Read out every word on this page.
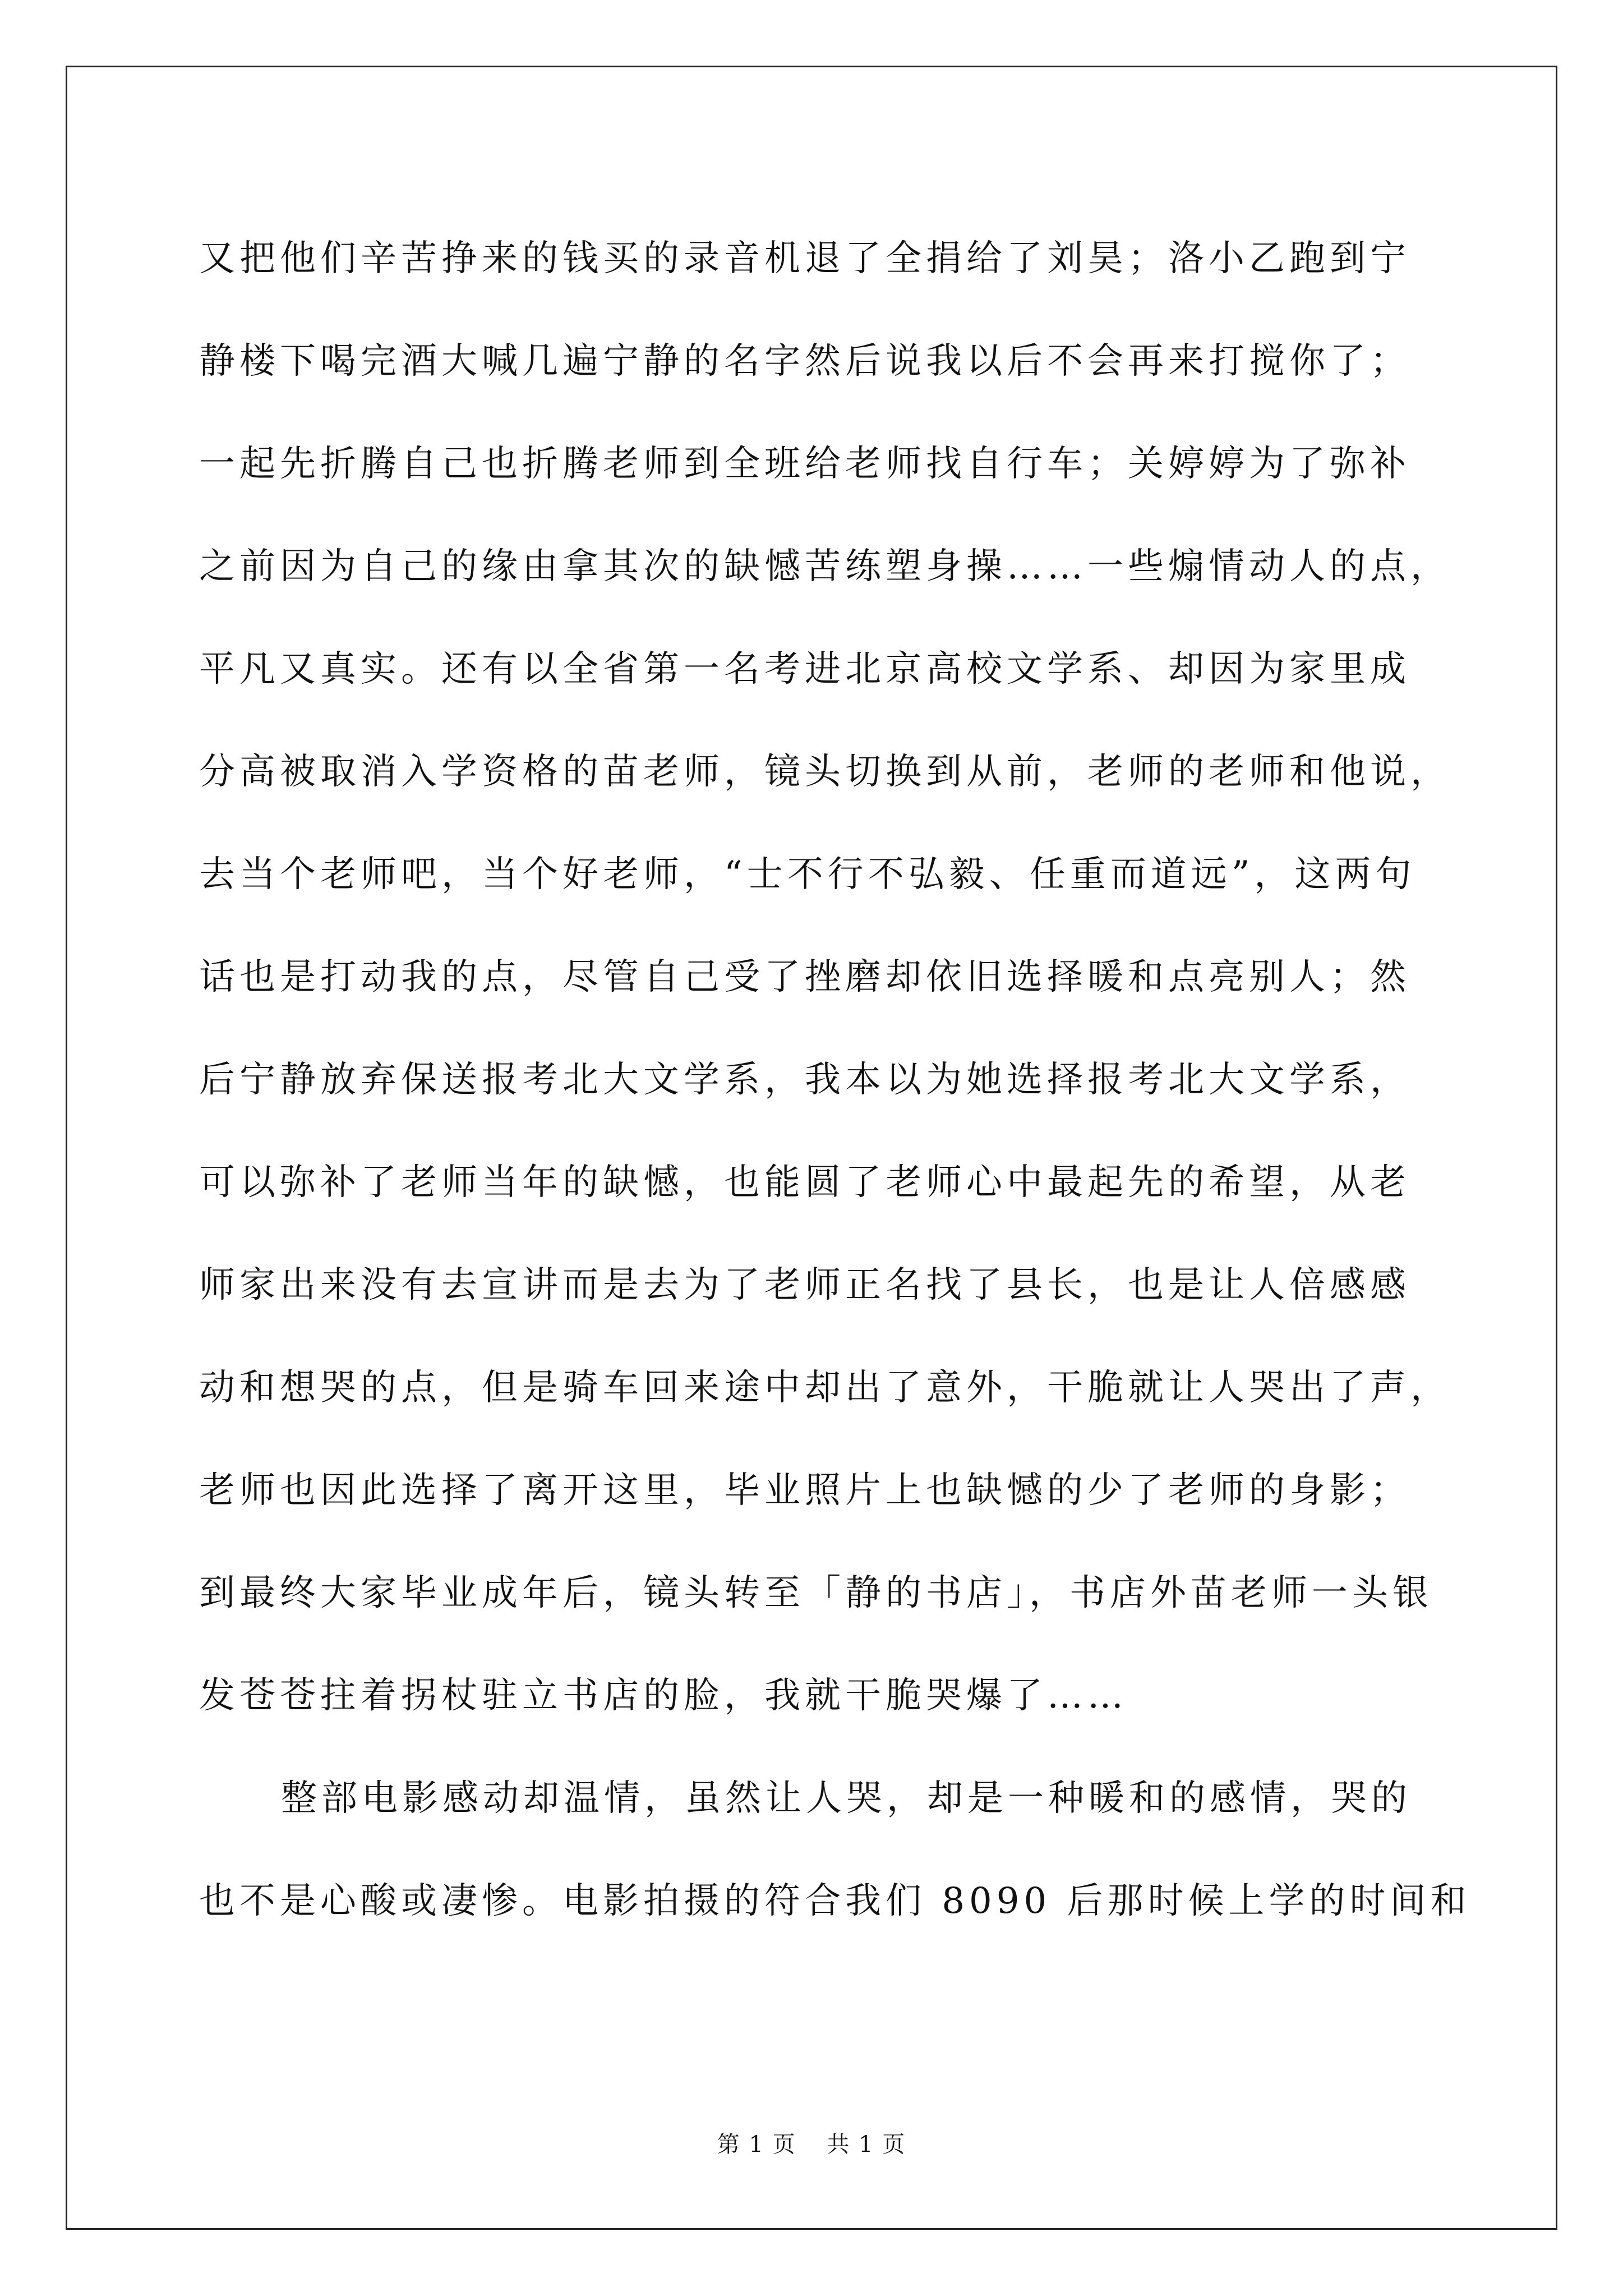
又把他们辛苦挣来的钱买的录音机退了全捐给了刘昊；洛小乙跑到宁
静楼下喝完酒大喊几遍宁静的名字然后说我以后不会再来打搅你了；
一起先折腾自己也折腾老师到全班给老师找自行车；关婷婷为了弥补
之前因为自己的缘由拿其次的缺憾苦练塑身操……一些煽情动人的点，
平凡又真实。还有以全省第一名考进北京高校文学系、却因为家里成
分高被取消入学资格的苗老师，镜头切换到从前，老师的老师和他说，
去当个老师吧，当个好老师，“士不行不弘毅、任重而道远”，这两句
话也是打动我的点，尽管自己受了挫磨却依旧选择暖和点亮别人；然
后宁静放弃保送报考北大文学系，我本以为她选择报考北大文学系，
可以弥补了老师当年的缺憾，也能圆了老师心中最起先的希望，从老
师家出来没有去宣讲而是去为了老师正名找了县长，也是让人倍感感
动和想哭的点，但是骑车回来途中却出了意外，干脆就让人哭出了声，
老师也因此选择了离开这里，毕业照片上也缺憾的少了老师的身影；
到最终大家毕业成年后，镜头转至「静的书店」，书店外苗老师一头银
发苍苍拄着拐杖驻立书店的脸，我就干脆哭爆了……
整部电影感动却温情，虽然让人哭，却是一种暖和的感情，哭的
也不是心酸或凄惨。电影拍摄的符合我们 8090 后那时候上学的时间和
第 1 页 共 1 页
